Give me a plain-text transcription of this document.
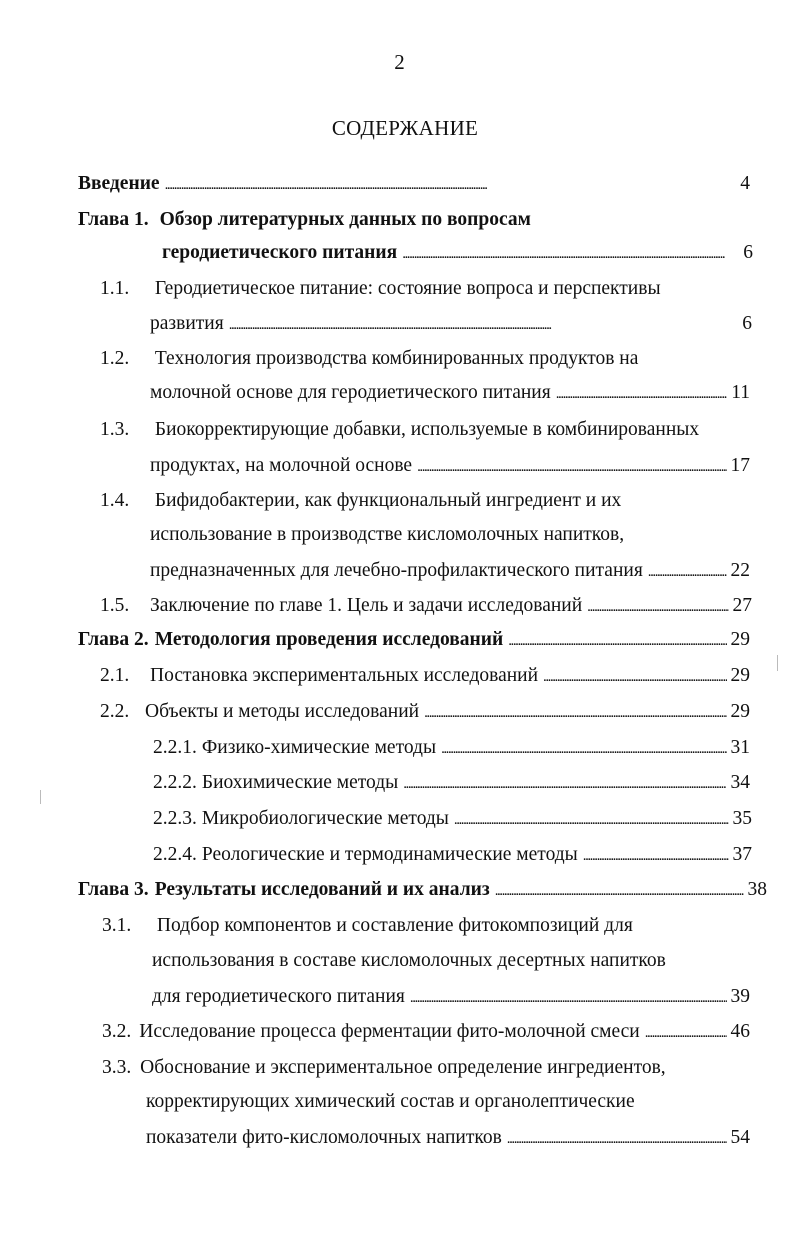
2
СОДЕРЖАНИЕ
Введение . . .	4
Глава 1. Обзор литературных данных по вопросам
геродиетического питания . . .	6
1.1. Геродиетическое питание: состояние вопроса и перспективы
развития . . .	6
1.2. Технология производства комбинированных продуктов на
молочной основе для геродиетического питания . . .	11
1.3. Биокорректирующие добавки, используемые в комбинированных
продуктах, на молочной основе . . .	17
1.4. Бифидобактерии, как функциональный ингредиент и их
использование в производстве кисломолочных напитков,
предназначенных для лечебно-профилактического питания . . .	22
1.5.	Заключение по главе 1. Цель и задачи исследований . . .	27
Глава 2. Методология проведения исследований . . .	29
2.1.	Постановка экспериментальных исследований . . .	29
2.2. Объекты и методы исследований . . .	29
2.2.1. Физико-химические методы . . .	31
2.2.2. Биохимические методы . . .	34
2.2.3. Микробиологические методы . . .	35
2.2.4. Реологические и термодинамические методы . . .	37
Глава 3. Результаты исследований и их анализ . . .	38
3.1. Подбор компонентов и составление фитокомпозиций для
использования в составе кисломолочных десертных напитков
для геродиетического питания . . .	39
3.2. Исследование процесса ферментации фито-молочной смеси . . .	46
3.3. Обоснование и экспериментальное определение ингредиентов,
корректирующих химический состав и органолептические
показатели фито-кисломолочных напитков . . .	54
